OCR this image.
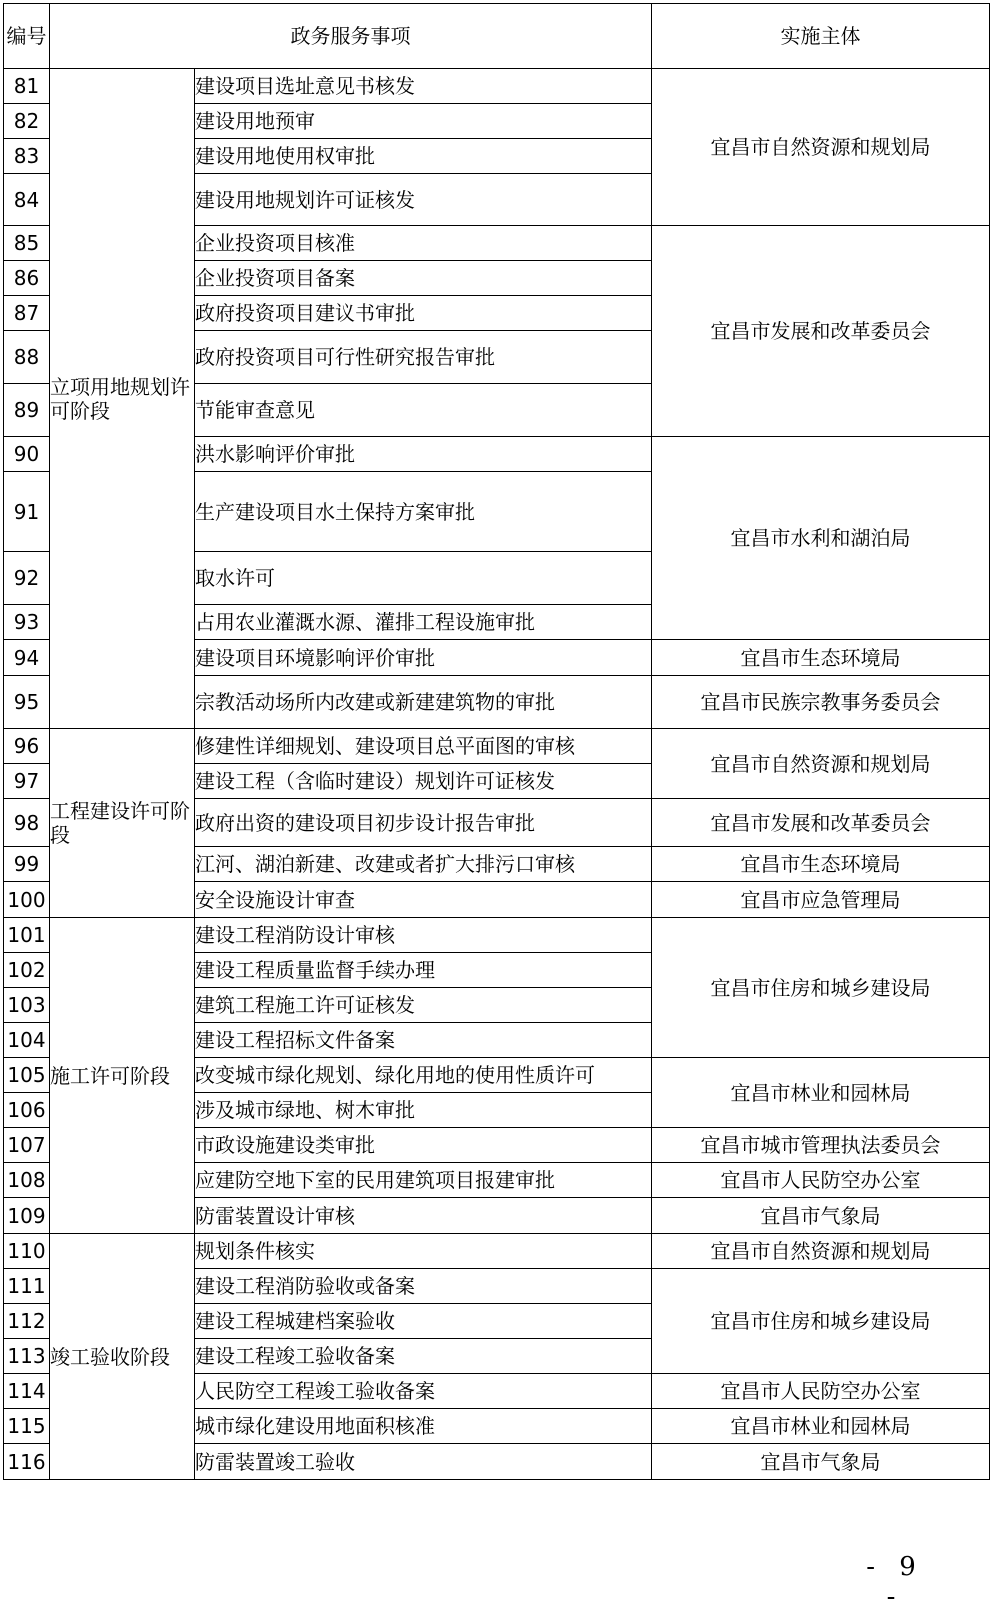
编号	政务服务事项		实施主体
81	立项用地规划许可阶段	建设项目选址意见书核发	宜昌市自然资源和规划局
82		建设用地预审	
83		建设用地使用权审批	
84		建设用地规划许可证核发	
85		企业投资项目核准	宜昌市发展和改革委员会
86		企业投资项目备案	
87		政府投资项目建议书审批	
88		政府投资项目可行性研究报告审批	
89		节能审查意见	
90		洪水影响评价审批	宜昌市水利和湖泊局
91		生产建设项目水土保持方案审批	
92		取水许可	
93		占用农业灌溉水源、灌排工程设施审批	
94		建设项目环境影响评价审批	宜昌市生态环境局
95		宗教活动场所内改建或新建建筑物的审批	宜昌市民族宗教事务委员会
96	工程建设许可阶段	修建性详细规划、建设项目总平面图的审核	宜昌市自然资源和规划局
97		建设工程（含临时建设）规划许可证核发	
98		政府出资的建设项目初步设计报告审批	宜昌市发展和改革委员会
99		江河、湖泊新建、改建或者扩大排污口审核	宜昌市生态环境局
100		安全设施设计审查	宜昌市应急管理局
101	施工许可阶段	建设工程消防设计审核	宜昌市住房和城乡建设局
102		建设工程质量监督手续办理	
103		建筑工程施工许可证核发	
104		建设工程招标文件备案	
105		改变城市绿化规划、绿化用地的使用性质许可	宜昌市林业和园林局
106		涉及城市绿地、树木审批	
107		市政设施建设类审批	宜昌市城市管理执法委员会
108		应建防空地下室的民用建筑项目报建审批	宜昌市人民防空办公室
109		防雷装置设计审核	宜昌市气象局
110	竣工验收阶段	规划条件核实	宜昌市自然资源和规划局
111		建设工程消防验收或备案	宜昌市住房和城乡建设局
112		建设工程城建档案验收	
113		建设工程竣工验收备案	
114		人民防空工程竣工验收备案	宜昌市人民防空办公室
115		城市绿化建设用地面积核准	宜昌市林业和园林局
116		防雷装置竣工验收	宜昌市气象局
- 9 -
